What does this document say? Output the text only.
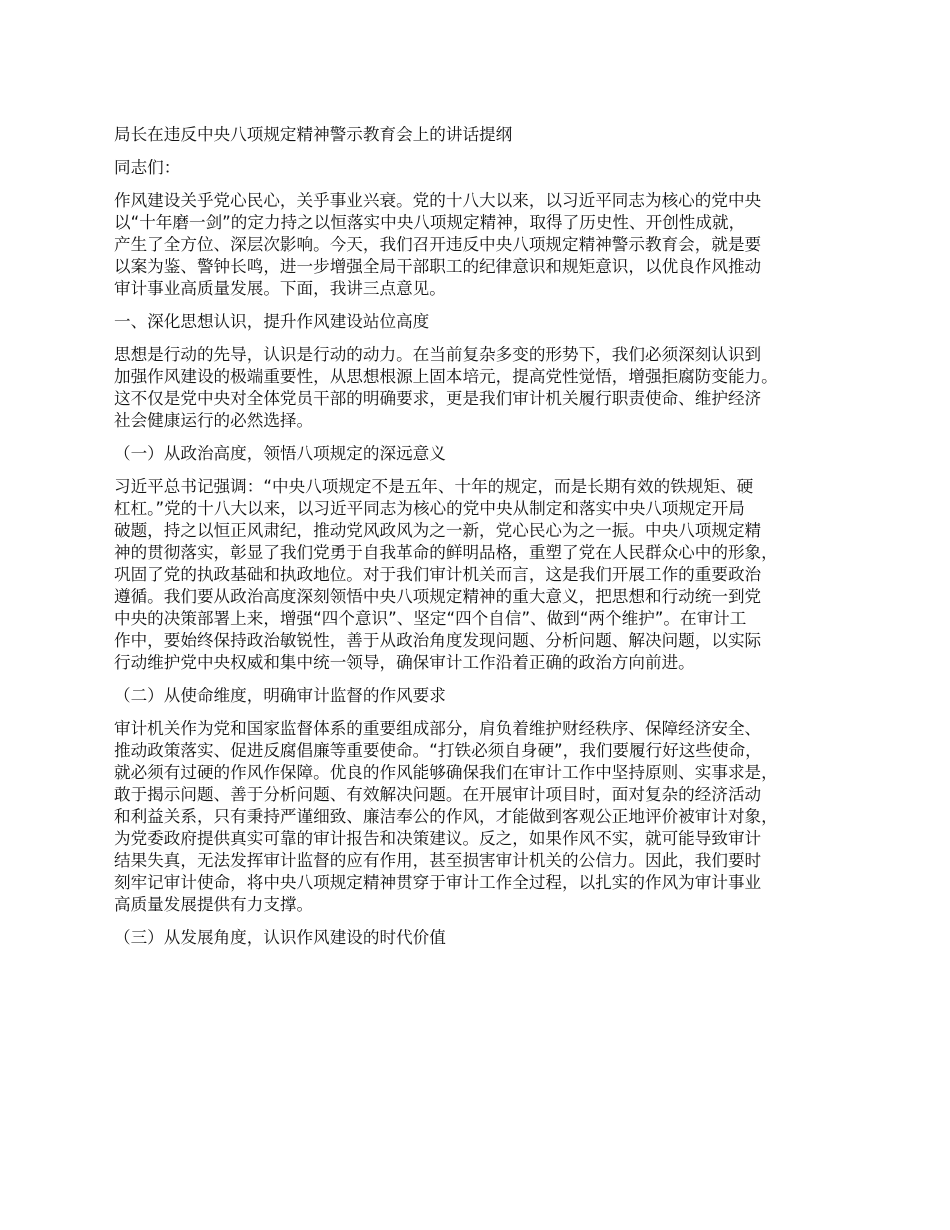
局长在违反中央八项规定精神警示教育会上的讲话提纲
同志们：
作风建设关乎党心民心，关乎事业兴衰。党的十八大以来，以习近平同志为核心的党中央
以“十年磨一剑”的定力持之以恒落实中央八项规定精神，取得了历史性、开创性成就，
产生了全方位、深层次影响。今天，我们召开违反中央八项规定精神警示教育会，就是要
以案为鉴、警钟长鸣，进一步增强全局干部职工的纪律意识和规矩意识，以优良作风推动
审计事业高质量发展。下面，我讲三点意见。
一、深化思想认识，提升作风建设站位高度
思想是行动的先导，认识是行动的动力。在当前复杂多变的形势下，我们必须深刻认识到
加强作风建设的极端重要性，从思想根源上固本培元，提高党性觉悟，增强拒腐防变能力。
这不仅是党中央对全体党员干部的明确要求，更是我们审计机关履行职责使命、维护经济
社会健康运行的必然选择。
（一）从政治高度，领悟八项规定的深远意义
习近平总书记强调：“中央八项规定不是五年、十年的规定，而是长期有效的铁规矩、硬
杠杠。”党的十八大以来，以习近平同志为核心的党中央从制定和落实中央八项规定开局
破题，持之以恒正风肃纪，推动党风政风为之一新，党心民心为之一振。中央八项规定精
神的贯彻落实，彰显了我们党勇于自我革命的鲜明品格，重塑了党在人民群众心中的形象，
巩固了党的执政基础和执政地位。对于我们审计机关而言，这是我们开展工作的重要政治
遵循。我们要从政治高度深刻领悟中央八项规定精神的重大意义，把思想和行动统一到党
中央的决策部署上来，增强“四个意识”、坚定“四个自信”、做到“两个维护”。在审计工
作中，要始终保持政治敏锐性，善于从政治角度发现问题、分析问题、解决问题，以实际
行动维护党中央权威和集中统一领导，确保审计工作沿着正确的政治方向前进。
（二）从使命维度，明确审计监督的作风要求
审计机关作为党和国家监督体系的重要组成部分，肩负着维护财经秩序、保障经济安全、
推动政策落实、促进反腐倡廉等重要使命。“打铁必须自身硬”，我们要履行好这些使命，
就必须有过硬的作风作保障。优良的作风能够确保我们在审计工作中坚持原则、实事求是，
敢于揭示问题、善于分析问题、有效解决问题。在开展审计项目时，面对复杂的经济活动
和利益关系，只有秉持严谨细致、廉洁奉公的作风，才能做到客观公正地评价被审计对象，
为党委政府提供真实可靠的审计报告和决策建议。反之，如果作风不实，就可能导致审计
结果失真，无法发挥审计监督的应有作用，甚至损害审计机关的公信力。因此，我们要时
刻牢记审计使命，将中央八项规定精神贯穿于审计工作全过程，以扎实的作风为审计事业
高质量发展提供有力支撑。
（三）从发展角度，认识作风建设的时代价值
